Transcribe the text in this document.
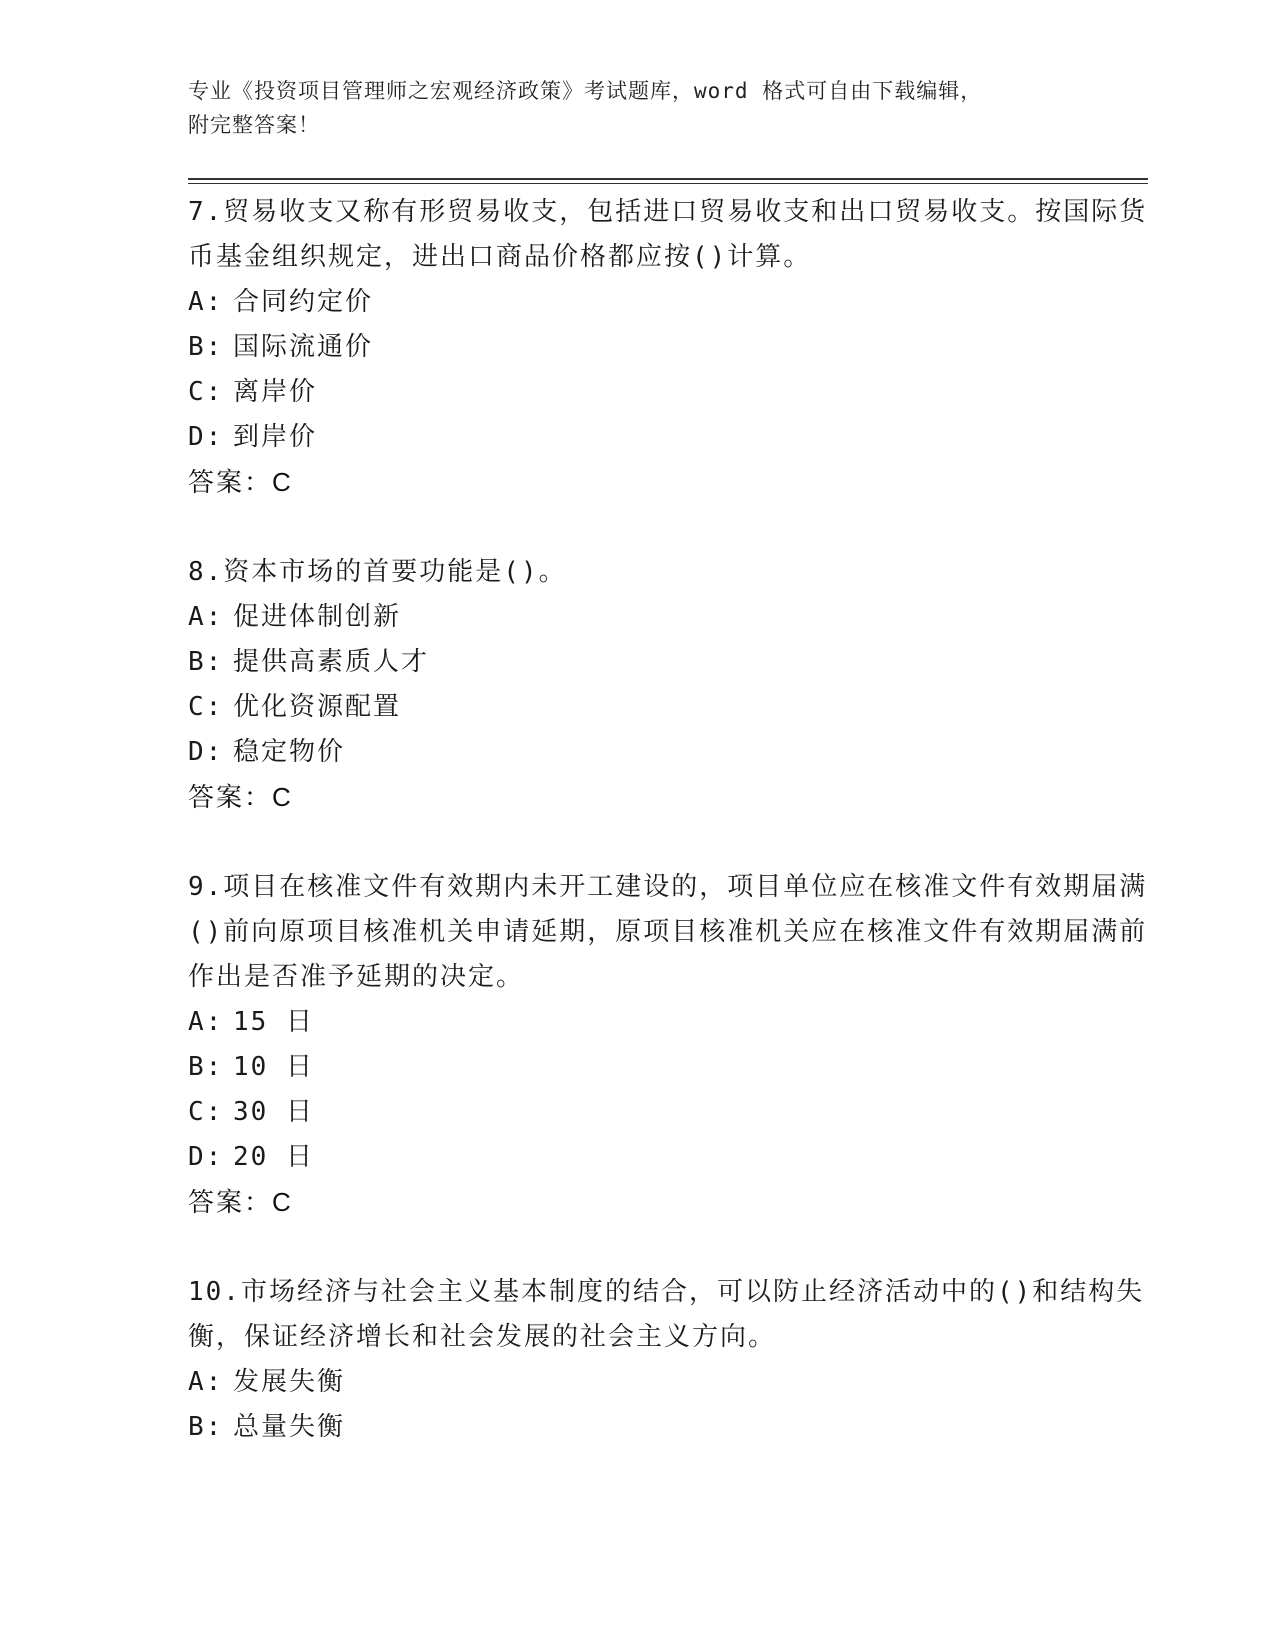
专业《投资项目管理师之宏观经济政策》考试题库，word 格式可自由下载编辑，
附完整答案！

7.贸易收支又称有形贸易收支，包括进口贸易收支和出口贸易收支。按国际货币基金组织规定，进出口商品价格都应按()计算。

A: 合同约定价

B: 国际流通价

C: 离岸价

D: 到岸价

答案：C

8.资本市场的首要功能是()。

A: 促进体制创新

B: 提供高素质人才

C: 优化资源配置

D: 稳定物价

答案：C

9.项目在核准文件有效期内未开工建设的，项目单位应在核准文件有效期届满()前向原项目核准机关申请延期，原项目核准机关应在核准文件有效期届满前作出是否准予延期的决定。

A: 15 日

B: 10 日

C: 30 日

D: 20 日

答案：C

10.市场经济与社会主义基本制度的结合，可以防止经济活动中的()和结构失衡，保证经济增长和社会发展的社会主义方向。

A: 发展失衡

B: 总量失衡
